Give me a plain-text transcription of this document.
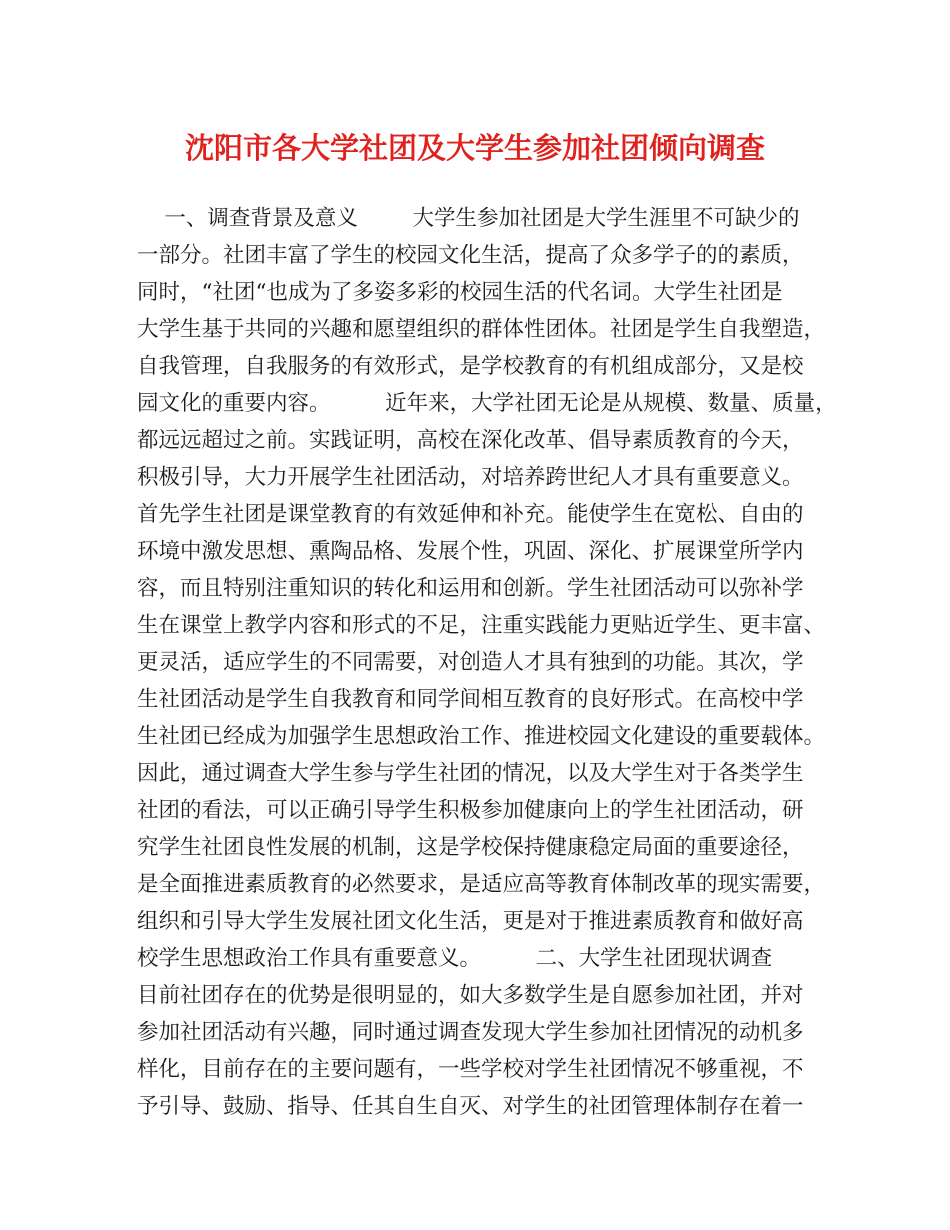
沈阳市各大学社团及大学生参加社团倾向调查
一、调查背景及意义        大学生参加社团是大学生涯里不可缺少的
一部分。社团丰富了学生的校园文化生活，提高了众多学子的的素质，
同时，“社团“也成为了多姿多彩的校园生活的代名词。大学生社团是
大学生基于共同的兴趣和愿望组织的群体性团体。社团是学生自我塑造，
自我管理，自我服务的有效形式，是学校教育的有机组成部分，又是校
园文化的重要内容。        近年来，大学社团无论是从规模、数量、质量，
都远远超过之前。实践证明，高校在深化改革、倡导素质教育的今天，
积极引导，大力开展学生社团活动，对培养跨世纪人才具有重要意义。
首先学生社团是课堂教育的有效延伸和补充。能使学生在宽松、自由的
环境中激发思想、熏陶品格、发展个性，巩固、深化、扩展课堂所学内
容，而且特别注重知识的转化和运用和创新。学生社团活动可以弥补学
生在课堂上教学内容和形式的不足，注重实践能力更贴近学生、更丰富、
更灵活，适应学生的不同需要，对创造人才具有独到的功能。其次，学
生社团活动是学生自我教育和同学间相互教育的良好形式。在高校中学
生社团已经成为加强学生思想政治工作、推进校园文化建设的重要载体。
因此，通过调查大学生参与学生社团的情况，以及大学生对于各类学生
社团的看法，可以正确引导学生积极参加健康向上的学生社团活动，研
究学生社团良性发展的机制，这是学校保持健康稳定局面的重要途径，
是全面推进素质教育的必然要求，是适应高等教育体制改革的现实需要，
组织和引导大学生发展社团文化生活，更是对于推进素质教育和做好高
校学生思想政治工作具有重要意义。        二、大学生社团现状调查
目前社团存在的优势是很明显的，如大多数学生是自愿参加社团，并对
参加社团活动有兴趣，同时通过调查发现大学生参加社团情况的动机多
样化，目前存在的主要问题有，一些学校对学生社团情况不够重视，不
予引导、鼓励、指导、任其自生自灭、对学生的社团管理体制存在着一
